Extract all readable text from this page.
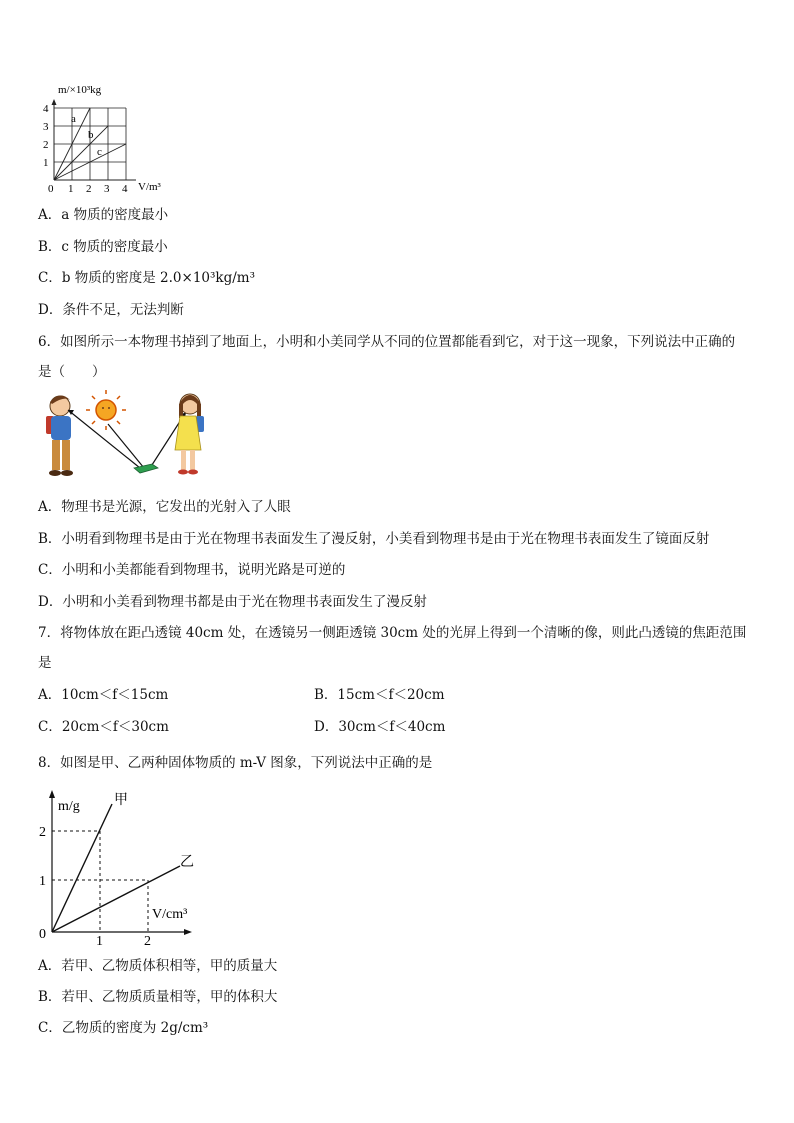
m/×10³kg
a
b
c
4
3
2
1
0 1 2 3 4 V/m³
A．a 物质的密度最小
B．c 物质的密度最小
C．b 物质的密度是 2.0×10³kg/m³
D．条件不足，无法判断
6．如图所示一本物理书掉到了地面上，小明和小美同学从不同的位置都能看到它，对于这一现象，下列说法中正确的
是（　　）
A．物理书是光源，它发出的光射入了人眼
B．小明看到物理书是由于光在物理书表面发生了漫反射，小美看到物理书是由于光在物理书表面发生了镜面反射
C．小明和小美都能看到物理书，说明光路是可逆的
D．小明和小美看到物理书都是由于光在物理书表面发生了漫反射
7．将物体放在距凸透镜 40cm 处，在透镜另一侧距透镜 30cm 处的光屏上得到一个清晰的像，则此凸透镜的焦距范围
是
A．10cm＜f＜15cm	B．15cm＜f＜20cm
C．20cm＜f＜30cm	D．30cm＜f＜40cm
8．如图是甲、乙两种固体物质的 m-V 图象，下列说法中正确的是
m/g
V/cm³
甲
乙
2
1
0	1	2
A．若甲、乙物质体积相等，甲的质量大
B．若甲、乙物质质量相等，甲的体积大
C．乙物质的密度为 2g/cm³
